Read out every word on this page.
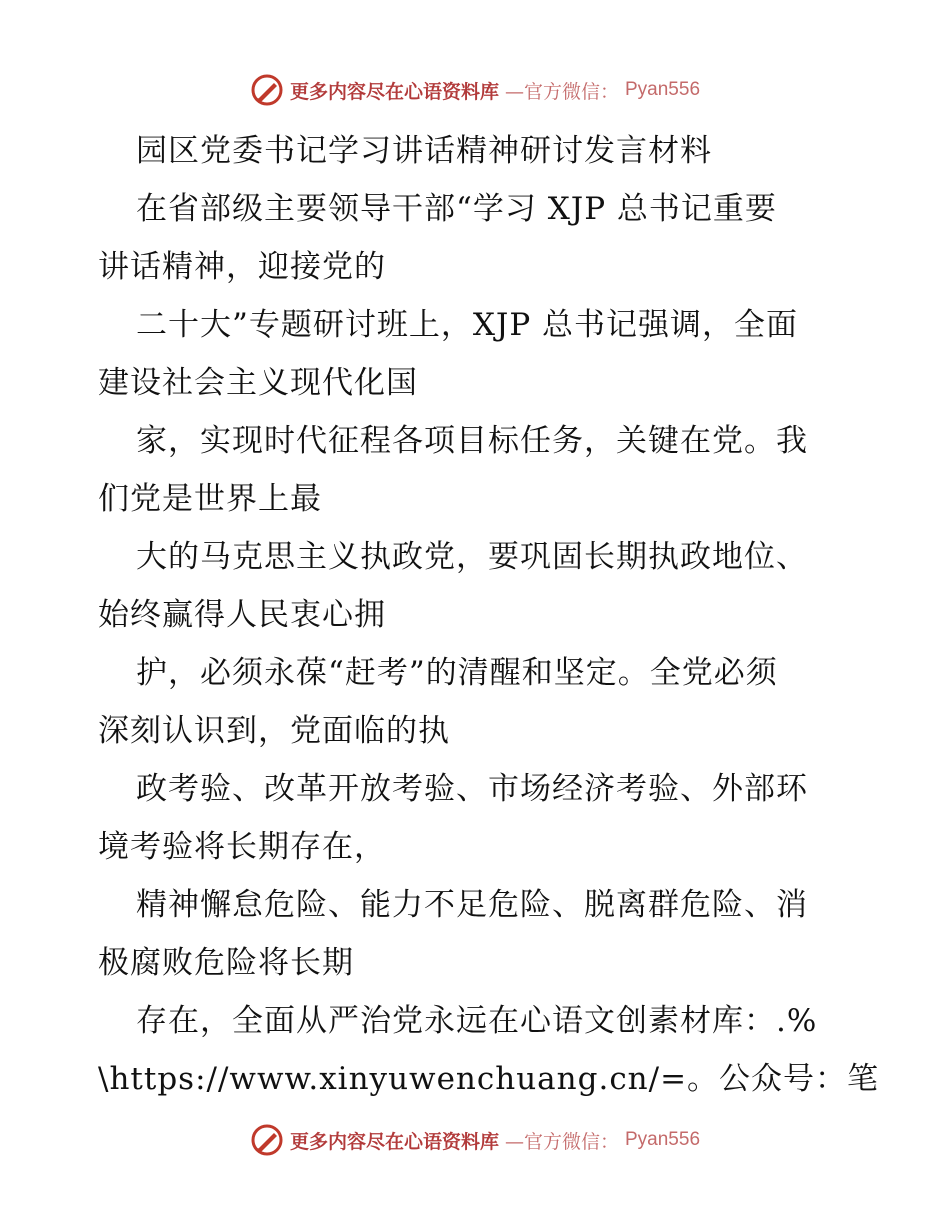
更多内容尽在心语资料库 —官方微信： Pyan556
园区党委书记学习讲话精神研讨发言材料
在省部级主要领导干部“学习 XJP 总书记重要
讲话精神，迎接党的
二十大”专题研讨班上，XJP 总书记强调，全面
建设社会主义现代化国
家，实现时代征程各项目标任务，关键在党。我
们党是世界上最
大的马克思主义执政党，要巩固长期执政地位、
始终赢得人民衷心拥
护，必须永葆“赶考”的清醒和坚定。全党必须
深刻认识到，党面临的执
政考验、改革开放考验、市场经济考验、外部环
境考验将长期存在，
精神懈怠危险、能力不足危险、脱离群危险、消
极腐败危险将长期
存在，全面从严治党永远在心语文创素材库：.%
\https://www.xinyuwenchuang.cn/=。公众号：笔
更多内容尽在心语资料库 —官方微信： Pyan556
